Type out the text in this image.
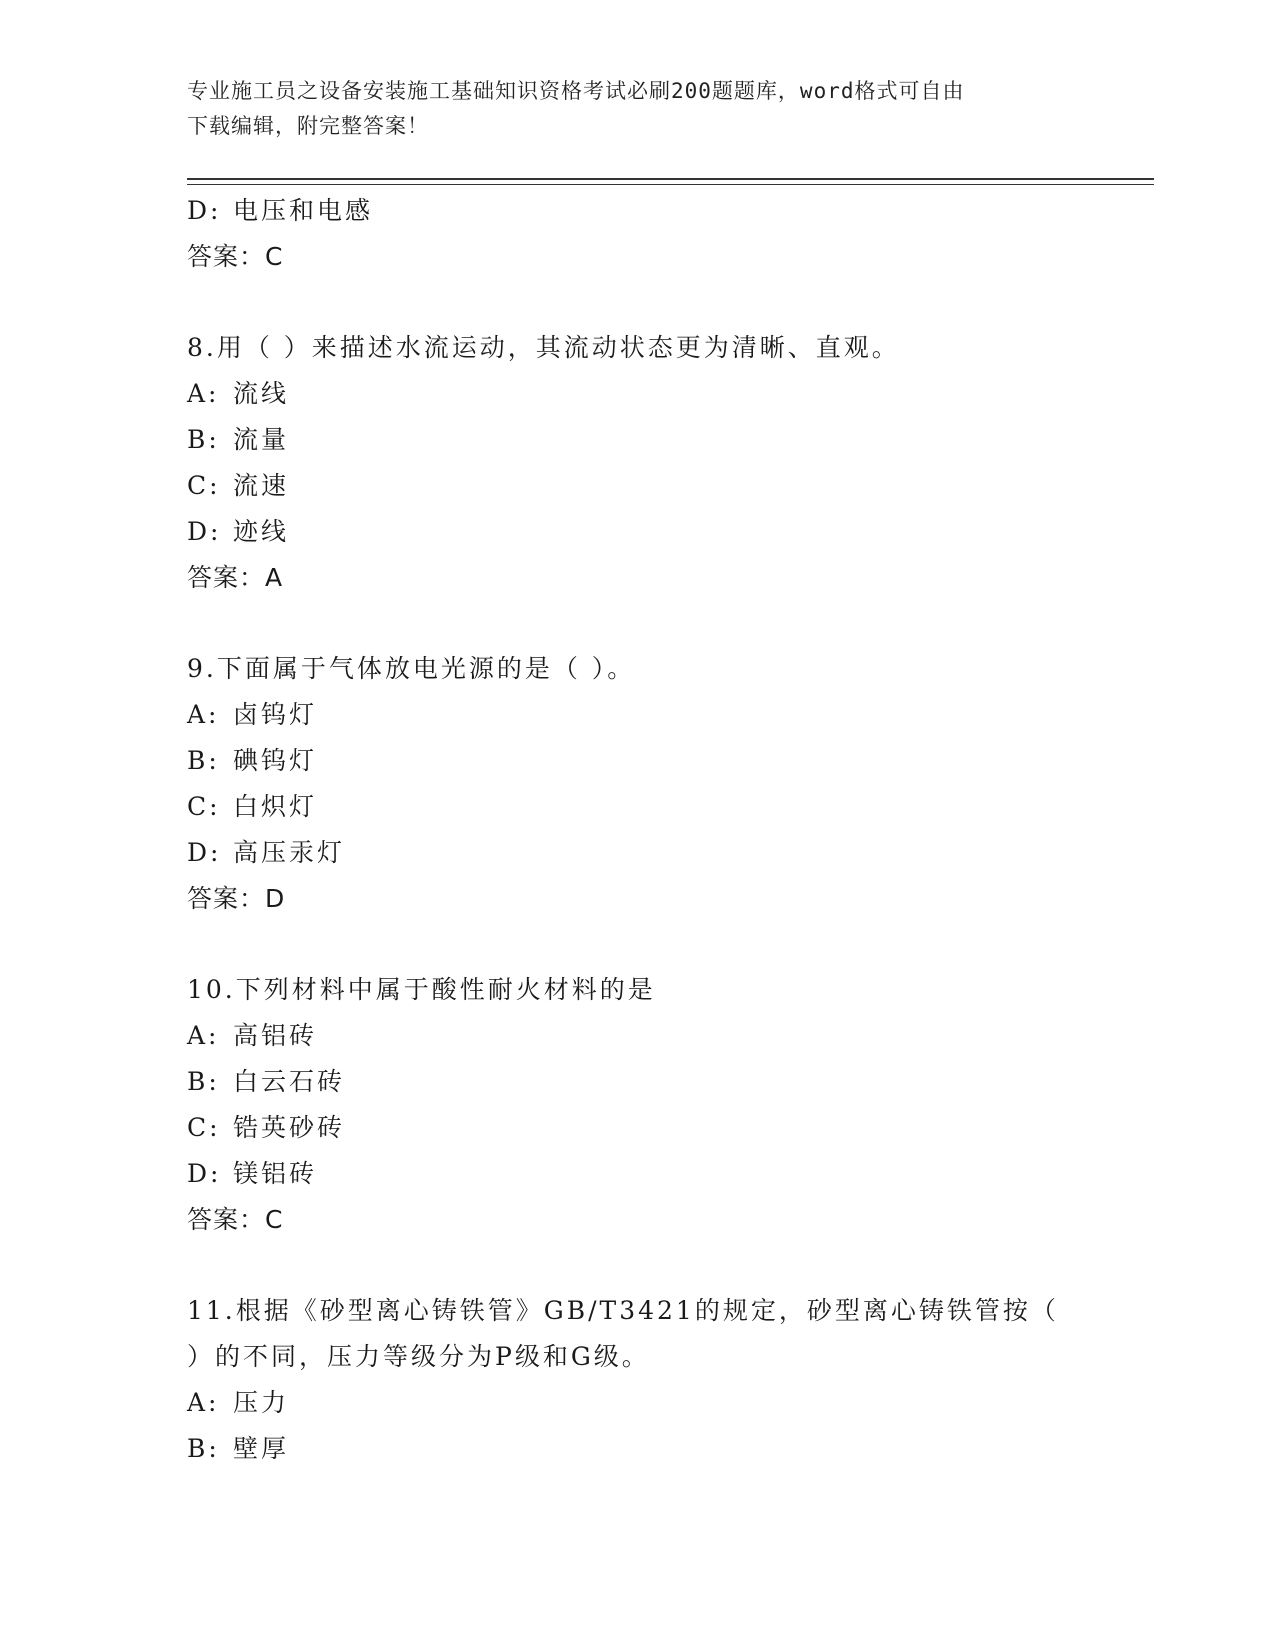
专业施工员之设备安装施工基础知识资格考试必刷200题题库，word格式可自由
下载编辑，附完整答案！
D: 电压和电感
答案：C
8.用（ ）来描述水流运动，其流动状态更为清晰、直观。
A: 流线
B: 流量
C: 流速
D: 迹线
答案：A
9.下面属于气体放电光源的是（ ）。
A: 卤钨灯
B: 碘钨灯
C: 白炽灯
D: 高压汞灯
答案：D
10.下列材料中属于酸性耐火材料的是
A: 高铝砖
B: 白云石砖
C: 锆英砂砖
D: 镁铝砖
答案：C
11.根据《砂型离心铸铁管》GB/T3421的规定，砂型离心铸铁管按（
）的不同，压力等级分为P级和G级。
A: 压力
B: 壁厚
